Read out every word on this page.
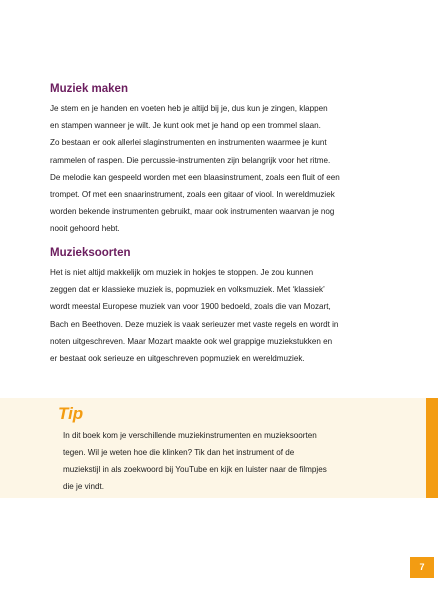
Muziek maken

Je stem en je handen en voeten heb je altijd bij je, dus kun je zingen, klappen
en stampen wanneer je wilt. Je kunt ook met je hand op een trommel slaan.
Zo bestaan er ook allerlei slaginstrumenten en instrumenten waarmee je kunt
rammelen of raspen. Die percussie-instrumenten zijn belangrijk voor het ritme.
De melodie kan gespeeld worden met een blaasinstrument, zoals een fluit of een
trompet. Of met een snaarinstrument, zoals een gitaar of viool. In wereldmuziek
worden bekende instrumenten gebruikt, maar ook instrumenten waarvan je nog
nooit gehoord hebt.

Muzieksoorten

Het is niet altijd makkelijk om muziek in hokjes te stoppen. Je zou kunnen
zeggen dat er klassieke muziek is, popmuziek en volksmuziek. Met ‘klassiek’
wordt meestal Europese muziek van voor 1900 bedoeld, zoals die van Mozart,
Bach en Beethoven. Deze muziek is vaak serieuzer met vaste regels en wordt in
noten uitgeschreven. Maar Mozart maakte ook wel grappige muziekstukken en
er bestaat ook serieuze en uitgeschreven popmuziek en wereldmuziek.

Tip

In dit boek kom je verschillende muziekinstrumenten en muzieksoorten
tegen. Wil je weten hoe die klinken? Tik dan het instrument of de
muziekstijl in als zoekwoord bij YouTube en kijk en luister naar de filmpjes
die je vindt.

7
